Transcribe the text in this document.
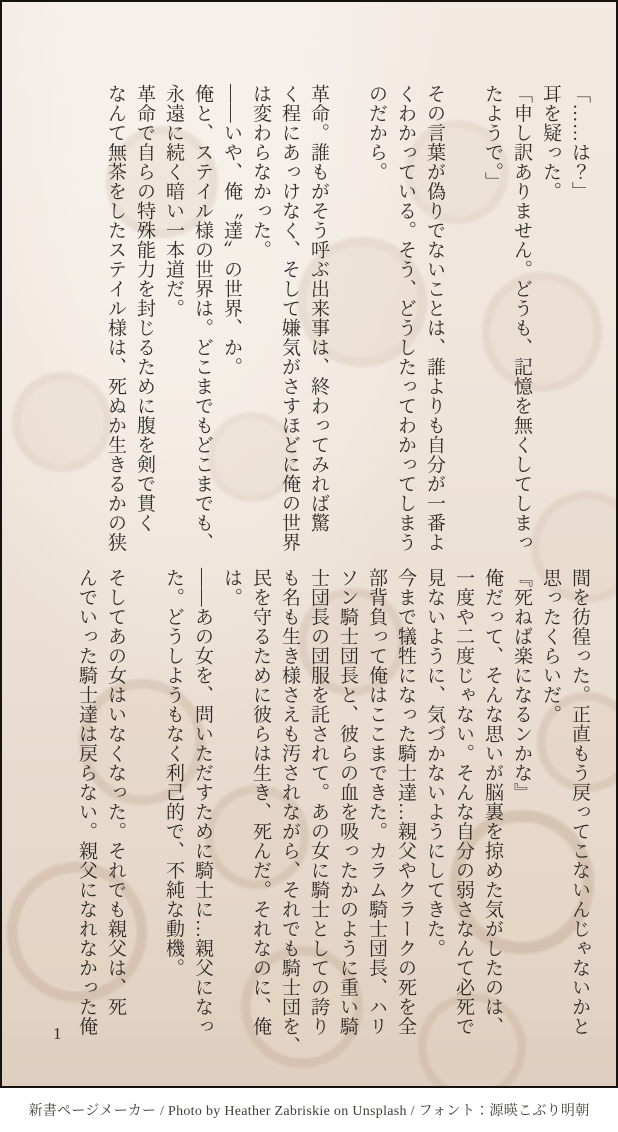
「……は？」

耳を疑った。

「申し訳ありません。どうも、記憶を無くしてしまっ

たようで。」

その言葉が偽りでないことは、誰よりも自分が一番よ

くわかっている。そう、どうしたってわかってしまう

のだから。

革命。誰もがそう呼ぶ出来事は、終わってみれば驚

く程にあっけなく、そして嫌気がさすほどに俺の世界

は変わらなかった。

――いや、俺〝達〟の世界、か。

俺と、ステイル様の世界は。どこまでもどこまでも、

永遠に続く暗い一本道だ。

革命で自らの特殊能力を封じるために腹を剣で貫く

なんて無茶をしたステイル様は、死ぬか生きるかの狭

間を彷徨った。正直もう戻ってこないんじゃないかと

思ったくらいだ。

『死ねば楽になるンかな』

俺だって、そんな思いが脳裏を掠めた気がしたのは、

一度や二度じゃない。そんな自分の弱さなんて必死で

見ないように、気づかないようにしてきた。

今まで犠牲になった騎士達…親父やクラークの死を全

部背負って俺はここまできた。カラム騎士団長、ハリ

ソン騎士団長と、彼らの血を吸ったかのように重い騎

士団長の団服を託されて。あの女に騎士としての誇り

も名も生き様さえも汚されながら、それでも騎士団を、

民を守るために彼らは生き、死んだ。それなのに、俺

は。

――あの女を、問いただすために騎士に…親父になっ

た。どうしようもなく利己的で、不純な動機。

そしてあの女はいなくなった。それでも親父は、死

んでいった騎士達は戻らない。親父になれなかった俺

1
新書ページメーカー / Photo by Heather Zabriskie on Unsplash / フォント：源暎こぶり明朝
